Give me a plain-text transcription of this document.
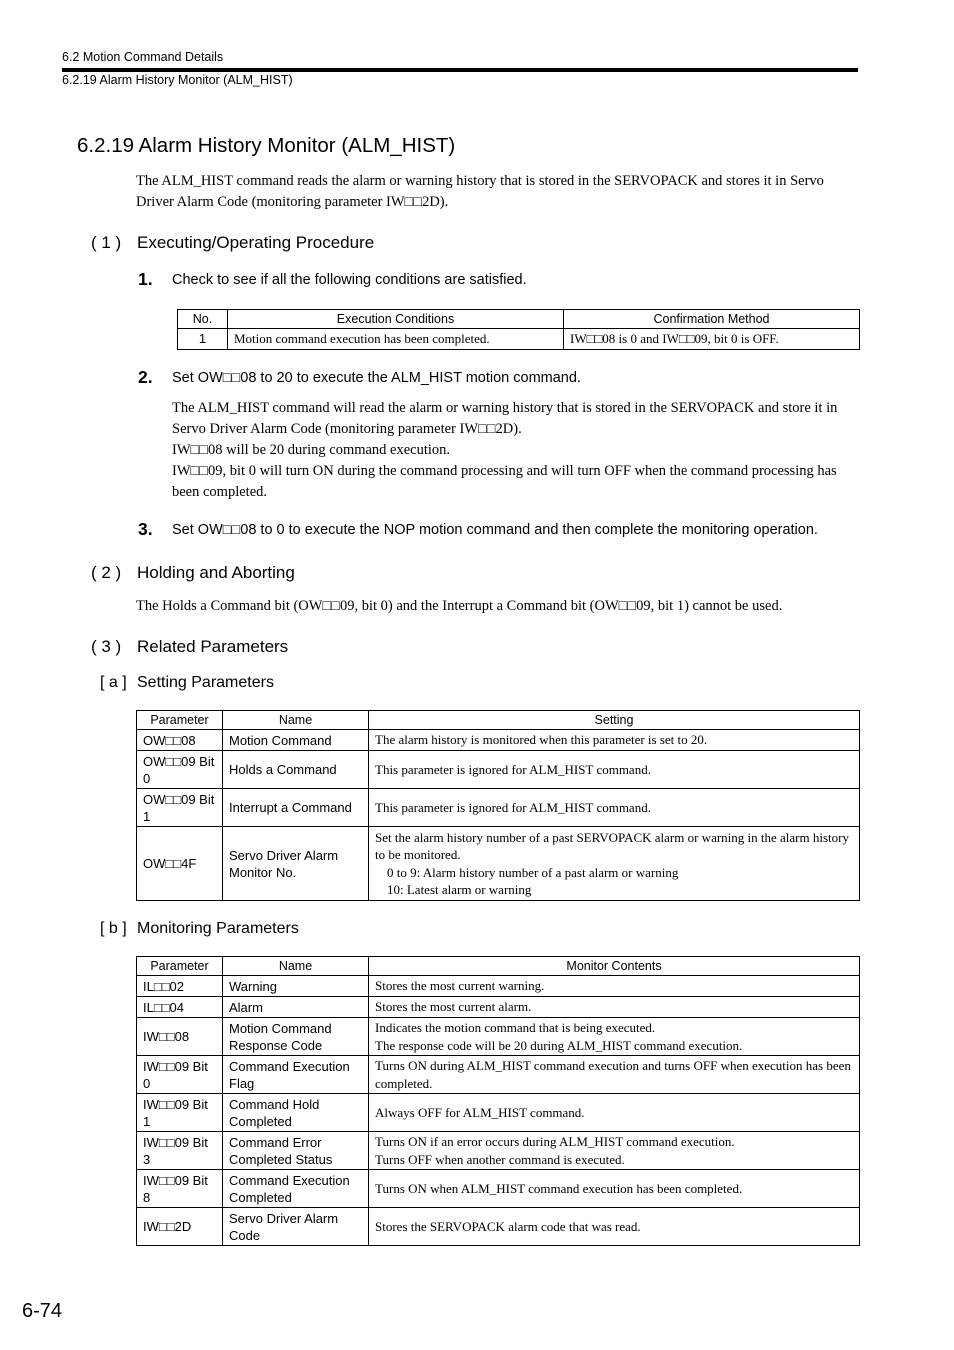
6.2 Motion Command Details
6.2.19 Alarm History Monitor (ALM_HIST)
6.2.19 Alarm History Monitor (ALM_HIST)
The ALM_HIST command reads the alarm or warning history that is stored in the SERVOPACK and stores it in Servo Driver Alarm Code (monitoring parameter IW□□2D).
( 1 ) Executing/Operating Procedure
1. Check to see if all the following conditions are satisfied.
No.	Execution Conditions	Confirmation Method
1	Motion command execution has been completed.	IW□□08 is 0 and IW□□09, bit 0 is OFF.
2. Set OW□□08 to 20 to execute the ALM_HIST motion command.
The ALM_HIST command will read the alarm or warning history that is stored in the SERVOPACK and store it in Servo Driver Alarm Code (monitoring parameter IW□□2D).
IW□□08 will be 20 during command execution.
IW□□09, bit 0 will turn ON during the command processing and will turn OFF when the command processing has been completed.
3. Set OW□□08 to 0 to execute the NOP motion command and then complete the monitoring operation.
( 2 ) Holding and Aborting
The Holds a Command bit (OW□□09, bit 0) and the Interrupt a Command bit (OW□□09, bit 1) cannot be used.
( 3 ) Related Parameters
[ a ] Setting Parameters
Parameter	Name	Setting
OW□□08	Motion Command	The alarm history is monitored when this parameter is set to 20.
OW□□09 Bit 0	Holds a Command	This parameter is ignored for ALM_HIST command.
OW□□09 Bit 1	Interrupt a Command	This parameter is ignored for ALM_HIST command.
OW□□4F	Servo Driver Alarm Monitor No.	Set the alarm history number of a past SERVOPACK alarm or warning in the alarm history to be monitored.
0 to 9: Alarm history number of a past alarm or warning
10: Latest alarm or warning
[ b ] Monitoring Parameters
Parameter	Name	Monitor Contents
IL□□02	Warning	Stores the most current warning.
IL□□04	Alarm	Stores the most current alarm.
IW□□08	Motion Command Response Code	Indicates the motion command that is being executed.
The response code will be 20 during ALM_HIST command execution.

IW□□09 Bit 0	Command Execution Flag	Turns ON during ALM_HIST command execution and turns OFF when execution has been completed.
IW□□09 Bit 1	Command Hold Completed	Always OFF for ALM_HIST command.
IW□□09 Bit 3	Command Error Completed Status	Turns ON if an error occurs during ALM_HIST command execution.
Turns OFF when another command is executed.

IW□□09 Bit 8	Command Execution Completed	Turns ON when ALM_HIST command execution has been completed.
IW□□2D	Servo Driver Alarm Code	Stores the SERVOPACK alarm code that was read.
6-74
